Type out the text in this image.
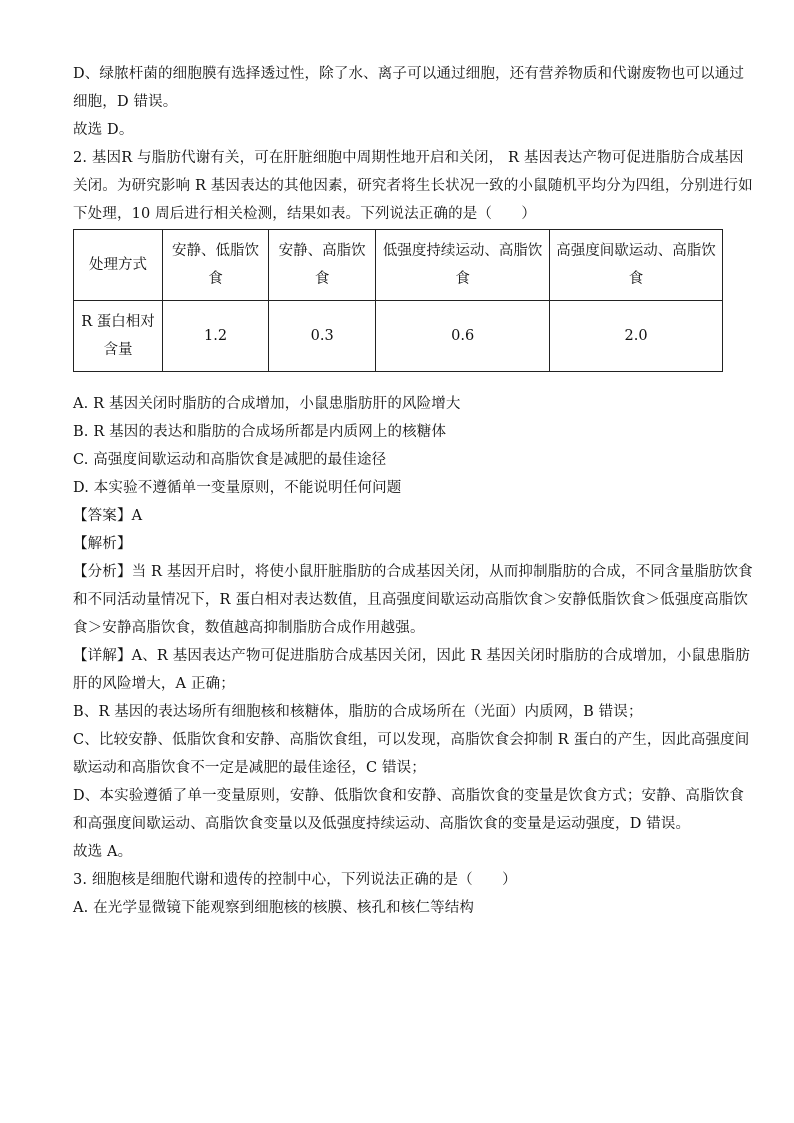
D、绿脓杆菌的细胞膜有选择透过性，除了水、离子可以通过细胞，还有营养物质和代谢废物也可以通过
细胞，D 错误。
故选 D。
2. 基因R 与脂肪代谢有关，可在肝脏细胞中周期性地开启和关闭， R 基因表达产物可促进脂肪合成基因
关闭。为研究影响 R 基因表达的其他因素，研究者将生长状况一致的小鼠随机平均分为四组，分别进行如
下处理，10 周后进行相关检测，结果如表。下列说法正确的是（　　）
处理方式	安静、低脂饮食	安静、高脂饮食	低强度持续运动、高脂饮食	高强度间歇运动、高脂饮食
R 蛋白相对含量	1.2	0.3	0.6	2.0
A. R 基因关闭时脂肪的合成增加，小鼠患脂肪肝的风险增大
B. R 基因的表达和脂肪的合成场所都是内质网上的核糖体
C. 高强度间歇运动和高脂饮食是减肥的最佳途径
D. 本实验不遵循单一变量原则，不能说明任何问题
【答案】A
【解析】
【分析】当 R 基因开启时，将使小鼠肝脏脂肪的合成基因关闭，从而抑制脂肪的合成，不同含量脂肪饮食
和不同活动量情况下，R 蛋白相对表达数值，且高强度间歇运动高脂饮食＞安静低脂饮食＞低强度高脂饮
食＞安静高脂饮食，数值越高抑制脂肪合成作用越强。
【详解】A、R 基因表达产物可促进脂肪合成基因关闭，因此 R 基因关闭时脂肪的合成增加，小鼠患脂肪
肝的风险增大，A 正确；
B、R 基因的表达场所有细胞核和核糖体，脂肪的合成场所在（光面）内质网，B 错误；
C、比较安静、低脂饮食和安静、高脂饮食组，可以发现，高脂饮食会抑制 R 蛋白的产生，因此高强度间
歇运动和高脂饮食不一定是减肥的最佳途径，C 错误；
D、本实验遵循了单一变量原则，安静、低脂饮食和安静、高脂饮食的变量是饮食方式；安静、高脂饮食
和高强度间歇运动、高脂饮食变量以及低强度持续运动、高脂饮食的变量是运动强度，D 错误。
故选 A。
3. 细胞核是细胞代谢和遗传的控制中心，下列说法正确的是（　　）
A. 在光学显微镜下能观察到细胞核的核膜、核孔和核仁等结构
